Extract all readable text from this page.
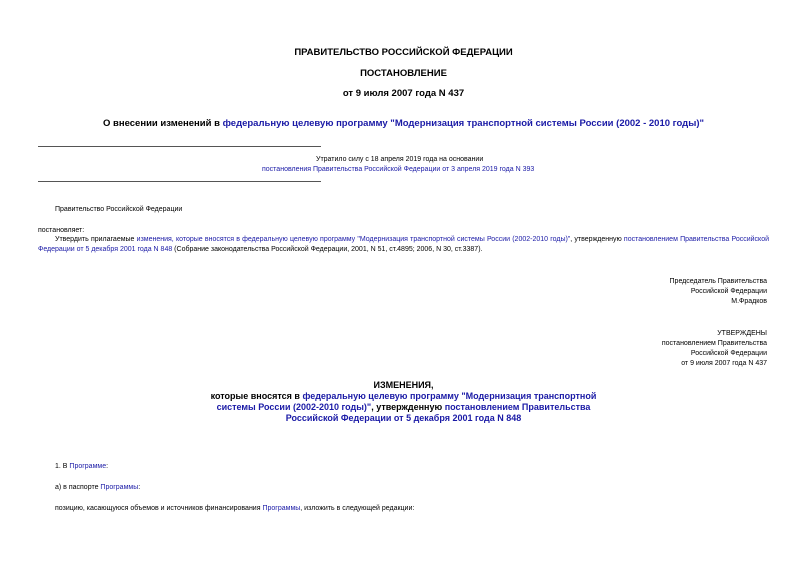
ПРАВИТЕЛЬСТВО РОССИЙСКОЙ ФЕДЕРАЦИИ
ПОСТАНОВЛЕНИЕ
от 9 июля 2007 года N 437
О внесении изменений в федеральную целевую программу "Модернизация транспортной системы России (2002 - 2010 годы)"
Утратило силу с 18 апреля 2019 года на основании
постановления Правительства Российской Федерации от 3 апреля 2019 года N 393
Правительство Российской Федерации
постановляет:
Утвердить прилагаемые изменения, которые вносятся в федеральную целевую программу "Модернизация транспортной системы России (2002-2010 годы)", утвержденную постановлением Правительства Российской Федерации от 5 декабря 2001 года N 848 (Собрание законодательства Российской Федерации, 2001, N 51, ст.4895; 2006, N 30, ст.3387).
Председатель Правительства
Российской Федерации
М.Фрадков
УТВЕРЖДЕНЫ
постановлением Правительства
Российской Федерации
от 9 июля 2007 года N 437
ИЗМЕНЕНИЯ,
которые вносятся в федеральную целевую программу "Модернизация транспортной
системы России (2002-2010 годы)", утвержденную постановлением Правительства
Российской Федерации от 5 декабря 2001 года N 848
1. В Программе:
а) в паспорте Программы:
позицию, касающуюся объемов и источников финансирования Программы, изложить в следующей редакции:
